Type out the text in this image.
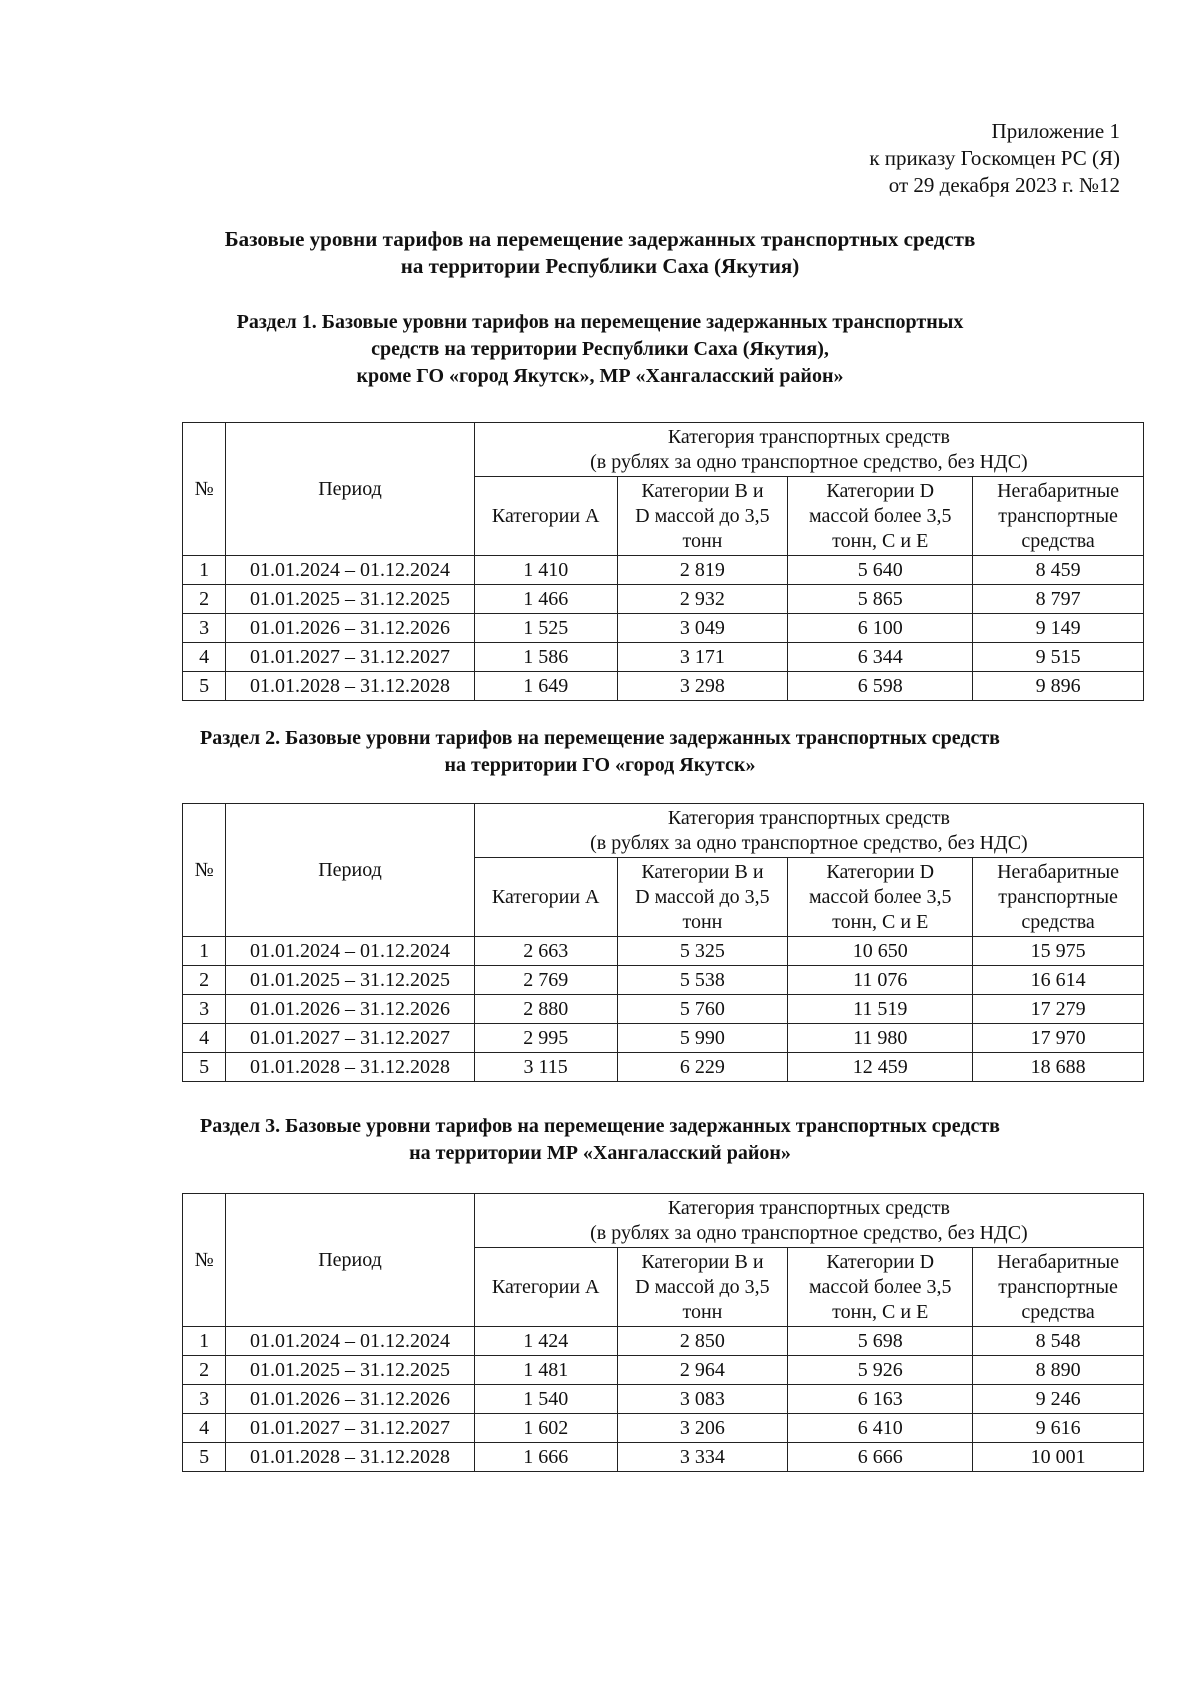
Приложение 1
к приказу Госкомцен РС (Я)
от 29 декабря 2023 г. №12
Базовые уровни тарифов на перемещение задержанных транспортных средств
на территории Республики Саха (Якутия)
Раздел 1. Базовые уровни тарифов на перемещение задержанных транспортных
средств на территории Республики Саха (Якутия),
кроме ГО «город Якутск», МР «Хангаласский район»
№	Период	Категория транспортных средств
(в рублях за одно транспортное средство, без НДС)			

		Категории А	Категории В и
D массой до 3,5
тонн	Категории D
массой более 3,5
тонн, С и Е	Негабаритные
транспортные
средства

1	01.01.2024 – 01.12.2024	1 410	2 819	5 640	8 459
2	01.01.2025 – 31.12.2025	1 466	2 932	5 865	8 797
3	01.01.2026 – 31.12.2026	1 525	3 049	6 100	9 149
4	01.01.2027 – 31.12.2027	1 586	3 171	6 344	9 515
5	01.01.2028 – 31.12.2028	1 649	3 298	6 598	9 896
Раздел 2. Базовые уровни тарифов на перемещение задержанных транспортных средств
на территории ГО «город Якутск»
№	Период	Категория транспортных средств
(в рублях за одно транспортное средство, без НДС)			

		Категории А	Категории В и
D массой до 3,5
тонн	Категории D
массой более 3,5
тонн, С и Е	Негабаритные
транспортные
средства

1	01.01.2024 – 01.12.2024	2 663	5 325	10 650	15 975
2	01.01.2025 – 31.12.2025	2 769	5 538	11 076	16 614
3	01.01.2026 – 31.12.2026	2 880	5 760	11 519	17 279
4	01.01.2027 – 31.12.2027	2 995	5 990	11 980	17 970
5	01.01.2028 – 31.12.2028	3 115	6 229	12 459	18 688
Раздел 3. Базовые уровни тарифов на перемещение задержанных транспортных средств
на территории МР «Хангаласский район»
№	Период	Категория транспортных средств
(в рублях за одно транспортное средство, без НДС)			

		Категории А	Категории В и
D массой до 3,5
тонн	Категории D
массой более 3,5
тонн, С и Е	Негабаритные
транспортные
средства

1	01.01.2024 – 01.12.2024	1 424	2 850	5 698	8 548
2	01.01.2025 – 31.12.2025	1 481	2 964	5 926	8 890
3	01.01.2026 – 31.12.2026	1 540	3 083	6 163	9 246
4	01.01.2027 – 31.12.2027	1 602	3 206	6 410	9 616
5	01.01.2028 – 31.12.2028	1 666	3 334	6 666	10 001
